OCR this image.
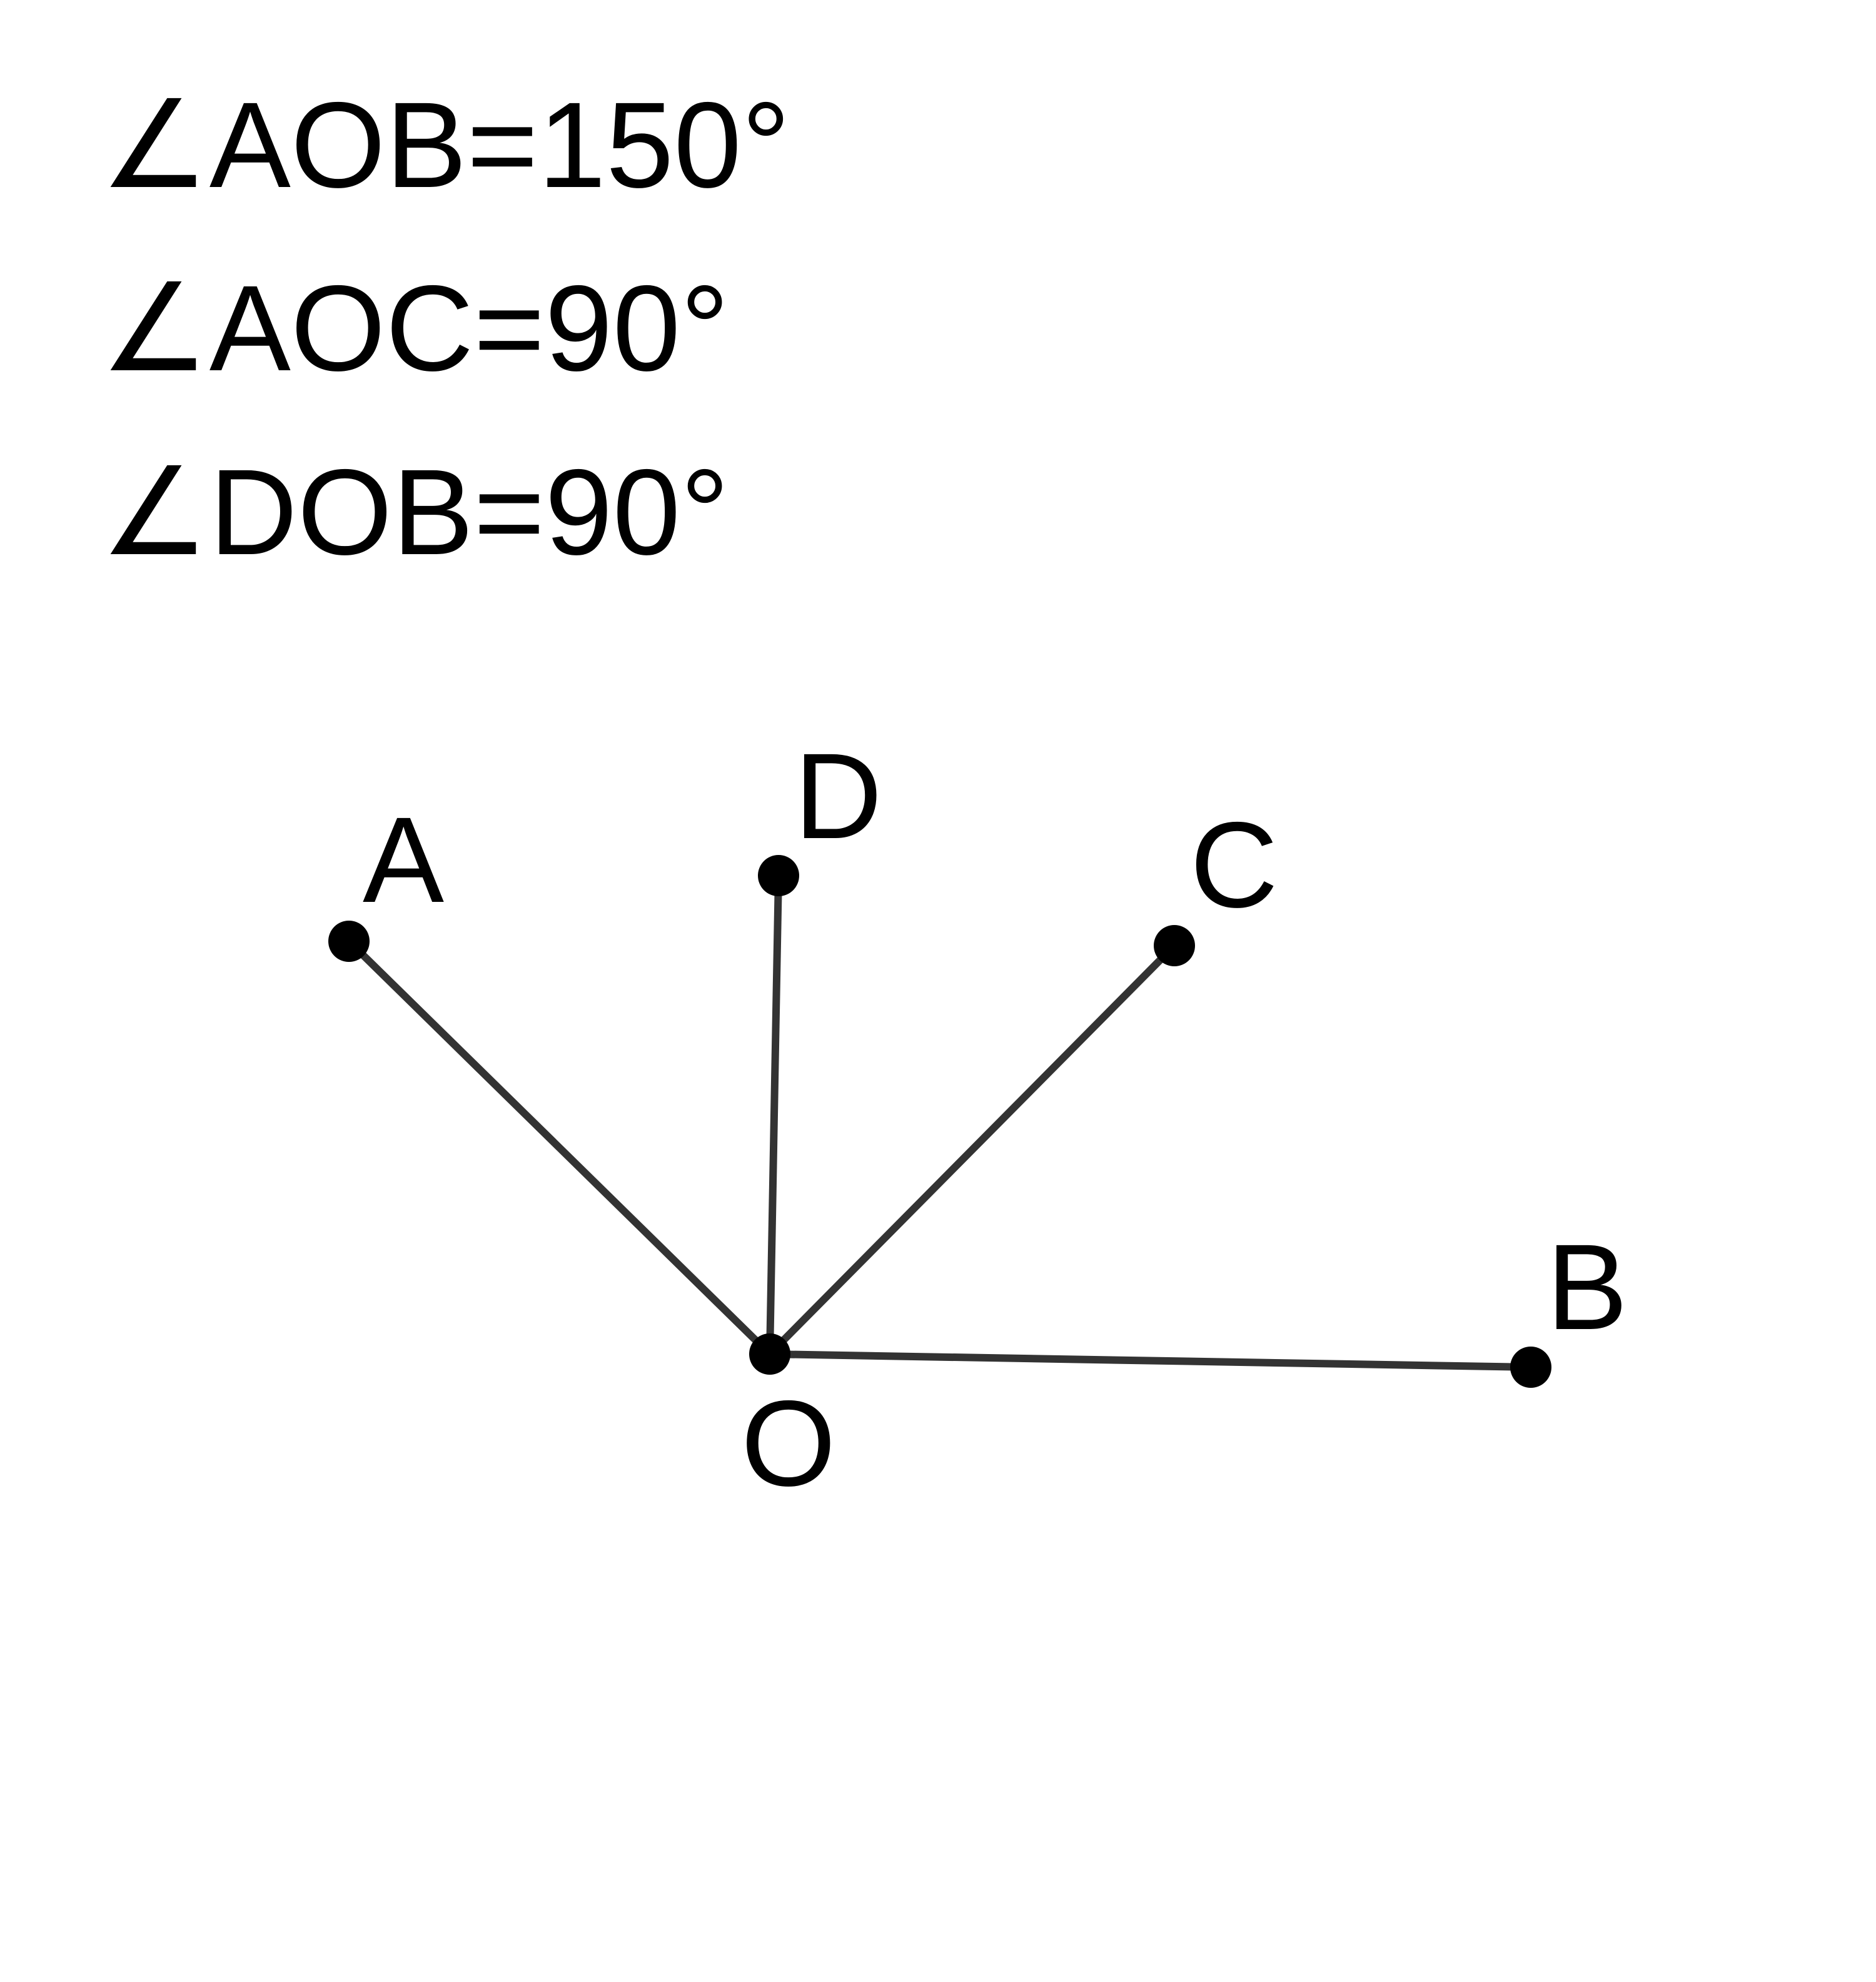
∠AOB=150°

∠AOC=90°

∠DOB=90°

A	D
C
B
O
